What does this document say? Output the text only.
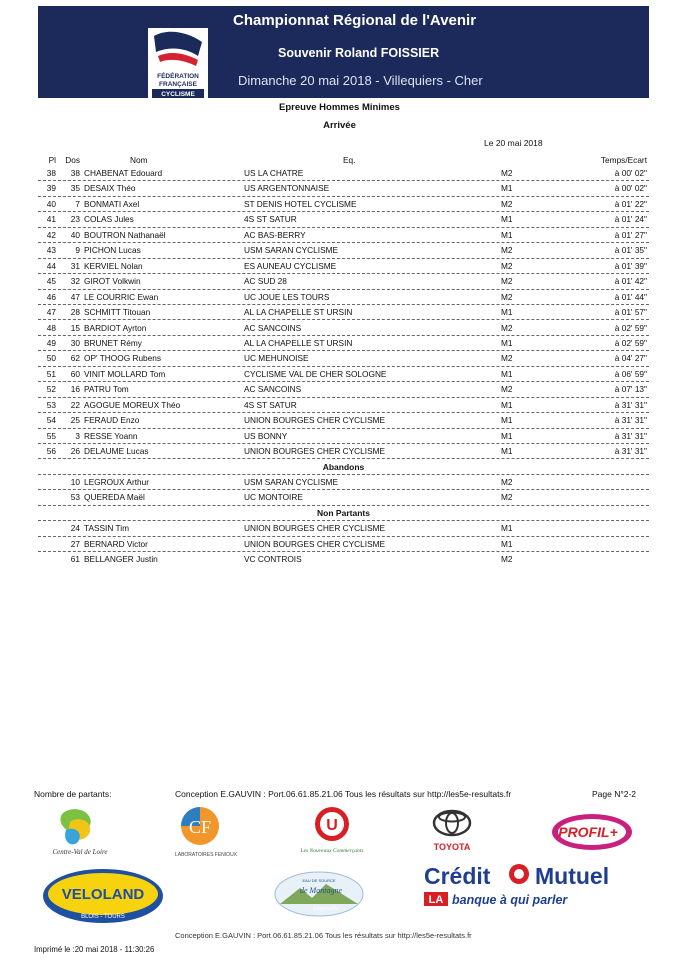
FÉDÉRATION
FRANÇAISE
CYCLISME
Championnat Régional de l'Avenir
Souvenir Roland FOISSIER
Dimanche 20 mai 2018 - Villequiers - Cher
Epreuve Hommes Minimes
Arrivée
Le 20 mai 2018
Pl	Dos	Nom	Eq.	Temps/Ecart
38	38 CHABENAT Edouard	US LA CHATRE	M2	à 00' 02"
39	35 DESAIX Théo	US ARGENTONNAISE	M1	à 00' 02"
40	7 BONMATI Axel	ST DENIS HOTEL CYCLISME	M2	à 01' 22"
41	23 COLAS Jules	4S ST SATUR	M1	à 01' 24"
42	40 BOUTRON Nathanaël	AC BAS-BERRY	M1	à 01' 27"
43	9 PICHON Lucas	USM SARAN CYCLISME	M2	à 01' 35"
44	31 KERVIEL Nolan	ES AUNEAU CYCLISME	M2	à 01' 39"
45	32 GIROT Volkwin	AC SUD 28	M2	à 01' 42"
46	47 LE COURRIC Ewan	UC JOUE LES TOURS	M2	à 01' 44"
47	28 SCHMITT Titouan	AL LA CHAPELLE ST URSIN	M1	à 01' 57"
48	15 BARDIOT Ayrton	AC SANCOINS	M2	à 02' 59"
49	30 BRUNET Rémy	AL LA CHAPELLE ST URSIN	M1	à 02' 59"
50	62 OP' THOOG Rubens	UC MEHUNOISE	M2	à 04' 27"
51	60 VINIT MOLLARD Tom	CYCLISME VAL DE CHER SOLOGNE	M1	à 06' 59"
52	16 PATRU Tom	AC SANCOINS	M2	à 07' 13"
53	22 AGOGUE MOREUX Théo	4S ST SATUR	M1	à 31' 31"
54	25 FERAUD Enzo	UNION BOURGES CHER CYCLISME	M1	à 31' 31"
55	3 RESSE Yoann	US BONNY	M1	à 31' 31"
56	26 DELAUME Lucas	UNION BOURGES CHER CYCLISME	M1	à 31' 31"
Abandons
10 LEGROUX Arthur	USM SARAN CYCLISME	M2
53 QUEREDA Maël	UC MONTOIRE	M2
Non Partants
24 TASSIN Tim	UNION BOURGES CHER CYCLISME	M1
27 BERNARD Victor	UNION BOURGES CHER CYCLISME	M1
61 BELLANGER Justin	VC CONTROIS	M2
Nombre de partants:	Conception E.GAUVIN : Port.06.61.85.21.06 Tous les résultats sur http://les5e-resultats.fr	Page N°2-2
Centre-Val de Loire
CF
LABORATOIRES FENIOUX
U
Les Nouveaux Commerçants	TOYOTA
PROFIL+
VELOLAND
BLOIS - TOURS
EAU DE SOURCE
de Montagne
Laqueuille
Crédit Mutuel
LA banque à qui parler
Conception E.GAUVIN : Port.06.61.85.21.06 Tous les résultats sur http://les5e-resultats.fr
Imprimé le :20 mai 2018 - 11:30:26
